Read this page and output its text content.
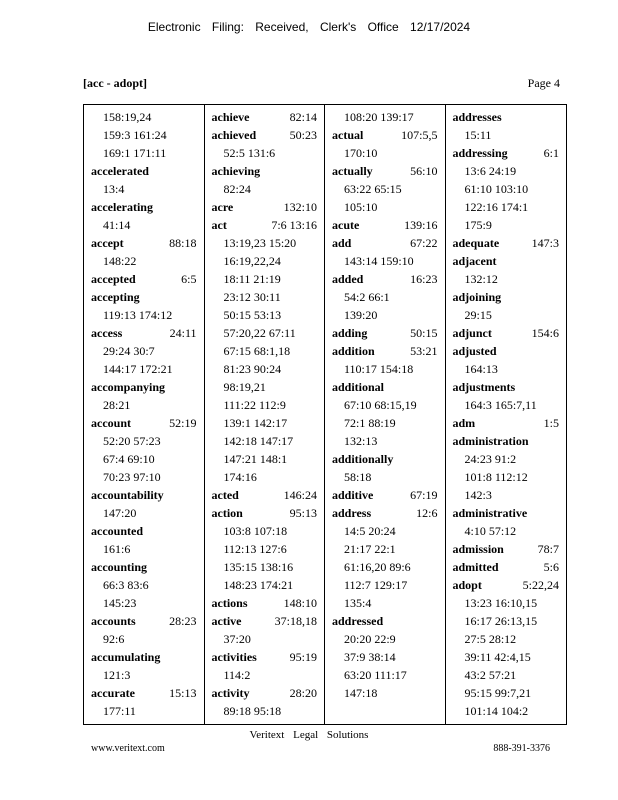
Electronic Filing: Received, Clerk's Office 12/17/2024
[acc - adopt]	Page 4
158:19,24
159:3 161:24
169:1 171:11
accelerated
13:4
accelerating
41:14
accept	88:18
148:22
accepted	6:5
accepting
119:13 174:12
access	24:11
29:24 30:7
144:17 172:21
accompanying
28:21
account	52:19
52:20 57:23
67:4 69:10
70:23 97:10
accountability
147:20
accounted
161:6
accounting
66:3 83:6
145:23
accounts	28:23
92:6
accumulating
121:3
accurate	15:13
177:11
achieve	82:14
achieved	50:23
52:5 131:6
achieving
82:24
acre	132:10
act	7:6 13:16
13:19,23 15:20
16:19,22,24
18:11 21:19
23:12 30:11
50:15 53:13
57:20,22 67:11
67:15 68:1,18
81:23 90:24
98:19,21
111:22 112:9
139:1 142:17
142:18 147:17
147:21 148:1
174:16
acted	146:24
action	95:13
103:8 107:18
112:13 127:6
135:15 138:16
148:23 174:21
actions	148:10
active	37:18,18
37:20
activities	95:19
114:2
activity	28:20
89:18 95:18
108:20 139:17
actual	107:5,5
170:10
actually	56:10
63:22 65:15
105:10
acute	139:16
add	67:22
143:14 159:10
added	16:23
54:2 66:1
139:20
adding	50:15
addition	53:21
110:17 154:18
additional
67:10 68:15,19
72:1 88:19
132:13
additionally
58:18
additive	67:19
address	12:6
14:5 20:24
21:17 22:1
61:16,20 89:6
112:7 129:17
135:4
addressed
20:20 22:9
37:9 38:14
63:20 111:17
147:18
addresses
15:11
addressing	6:1
13:6 24:19
61:10 103:10
122:16 174:1
175:9
adequate	147:3
adjacent
132:12
adjoining
29:15
adjunct	154:6
adjusted
164:13
adjustments
164:3 165:7,11
adm	1:5
administration
24:23 91:2
101:8 112:12
142:3
administrative
4:10 57:12
admission	78:7
admitted	5:6
adopt	5:22,24
13:23 16:10,15
16:17 26:13,15
27:5 28:12
39:11 42:4,15
43:2 57:21
95:15 99:7,21
101:14 104:2
Veritext Legal Solutions
www.veritext.com	888-391-3376
